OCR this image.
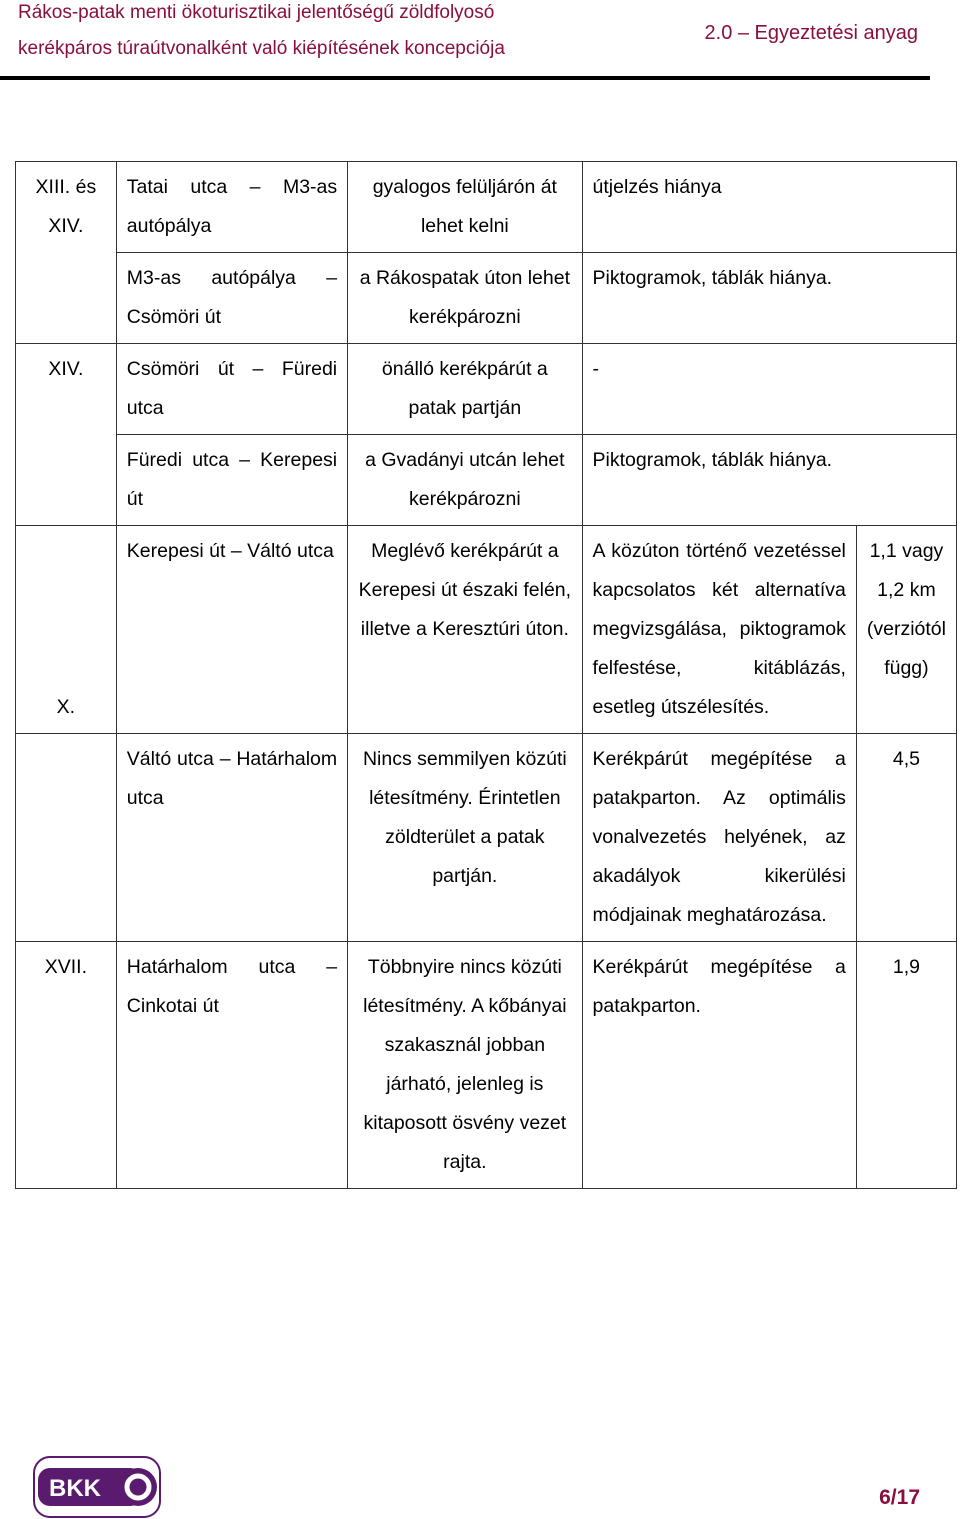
Rákos-patak menti ökoturisztikai jelentőségű zöldfolyosó
kerékpáros túraútvonalként való kiépítésének koncepciója
2.0 – Egyeztetési anyag
XIII. és XIV.	Tatai utca – M3-as autópálya	gyalogos felüljárón át lehet kelni	útjelzés hiánya	
	M3-as autópálya – Csömöri út	a Rákospatak úton lehet kerékpározni	Piktogramok, táblák hiánya.	
XIV.	Csömöri út – Füredi utca	önálló kerékpárút a patak partján	-	
	Füredi utca – Kerepesi út	a Gvadányi utcán lehet kerékpározni	Piktogramok, táblák hiánya.	
X.	Kerepesi út – Váltó utca	Meglévő kerékpárút a Kerepesi út északi felén, illetve a Keresztúri úton.	A közúton történő vezetéssel kapcsolatos két alternatíva megvizsgálása, piktogramok felfestése, kitáblázás, esetleg útszélesítés.	1,1 vagy 1,2 km (verziótól függ)
	Váltó utca – Határhalom utca	Nincs semmilyen közúti létesítmény. Érintetlen zöldterület a patak partján.	Kerékpárút megépítése a patakparton. Az optimális vonalvezetés helyének, az akadályok kikerülési módjainak meghatározása.	4,5
XVII.	Határhalom utca – Cinkotai út	Többnyire nincs közúti létesítmény. A kőbányai szakasznál jobban járható, jelenleg is kitaposott ösvény vezet rajta.	Kerékpárút megépítése a patakparton.	1,9
BKK	6/17
